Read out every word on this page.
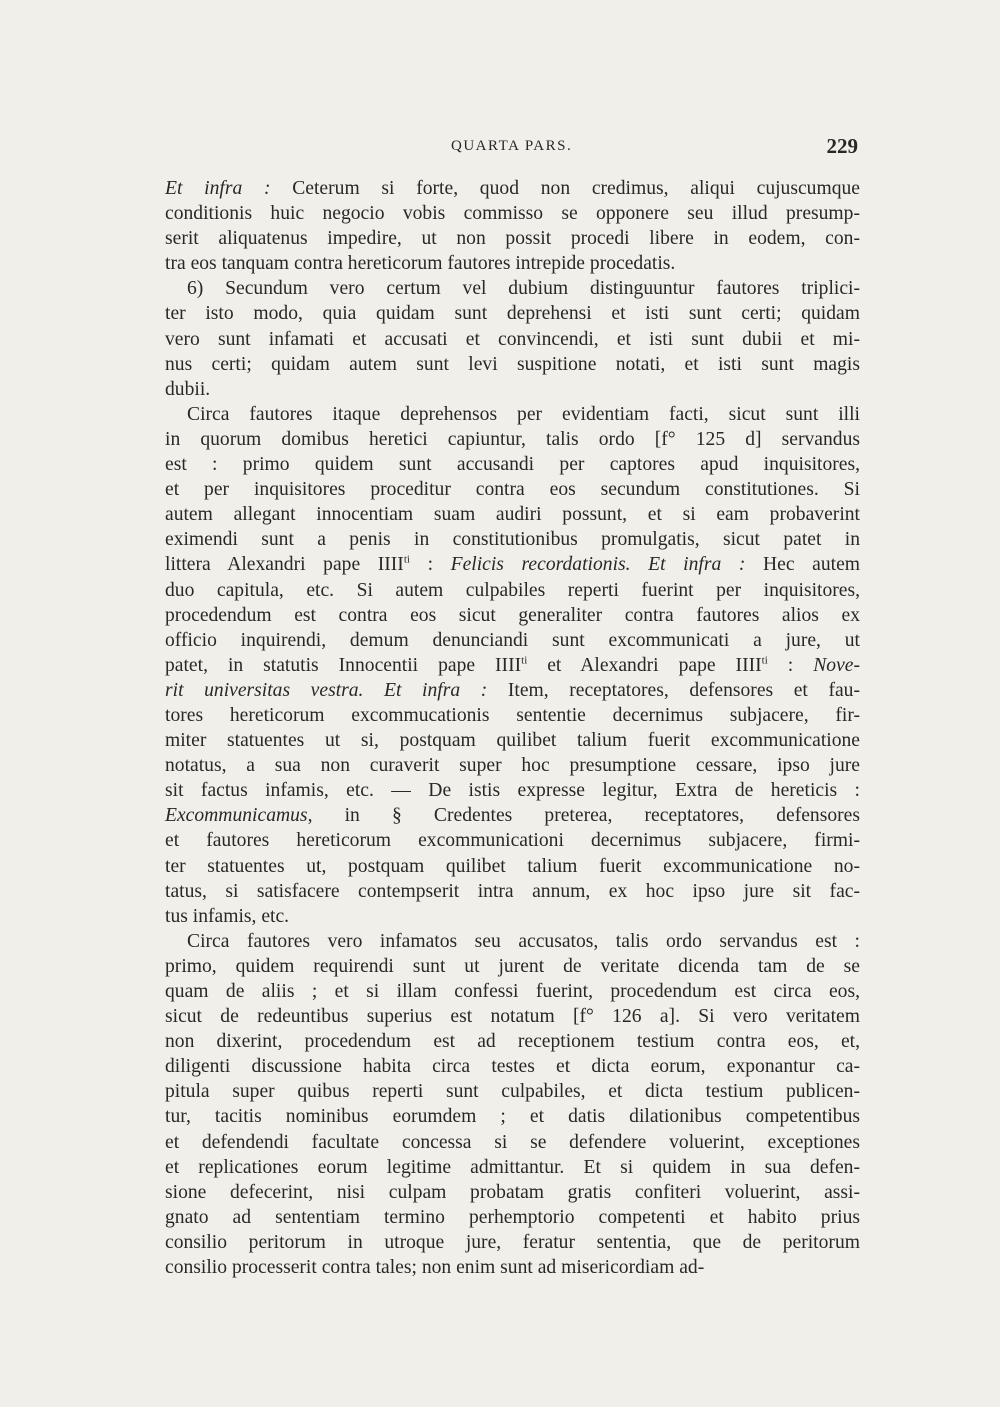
QUARTA PARS.	229
Et infra : Ceterum si forte, quod non credimus, aliqui cujuscumque
conditionis huic negocio vobis commisso se opponere seu illud presump-
serit aliquatenus impedire, ut non possit procedi libere in eodem, con-
tra eos tanquam contra hereticorum fautores intrepide procedatis.
6) Secundum vero certum vel dubium distinguuntur fautores triplici-
ter isto modo, quia quidam sunt deprehensi et isti sunt certi; quidam
vero sunt infamati et accusati et convincendi, et isti sunt dubii et mi-
nus certi; quidam autem sunt levi suspitione notati, et isti sunt magis
dubii.
Circa fautores itaque deprehensos per evidentiam facti, sicut sunt illi
in quorum domibus heretici capiuntur, talis ordo [f° 125 d] servandus
est : primo quidem sunt accusandi per captores apud inquisitores,
et per inquisitores proceditur contra eos secundum constitutiones. Si
autem allegant innocentiam suam audiri possunt, et si eam probaverint
eximendi sunt a penis in constitutionibus promulgatis, sicut patet in
littera Alexandri pape $IIII^{ti}$ : Felicis recordationis. Et infra : Hec autem
duo capitula, etc. Si autem culpabiles reperti fuerint per inquisitores,
procedendum est contra eos sicut generaliter contra fautores alios ex
officio inquirendi, demum denunciandi sunt excommunicati a jure, ut
patet, in statutis Innocentii pape $IIII^{ti}$ et Alexandri pape $IIII^{ti}$ : Nove-
rit universitas vestra. Et infra : Item, receptatores, defensores et fau-
tores hereticorum excommucationis sententie decernimus subjacere, fir-
miter statuentes ut si, postquam quilibet talium fuerit excommunicatione
notatus, a sua non curaverit super hoc presumptione cessare, ipso jure
sit factus infamis, etc. — De istis expresse legitur, Extra de hereticis :
Excommunicamus, in § Credentes preterea, receptatores, defensores
et fautores hereticorum excommunicationi decernimus subjacere, firmi-
ter statuentes ut, postquam quilibet talium fuerit excommunicatione no-
tatus, si satisfacere contempserit intra annum, ex hoc ipso jure sit fac-
tus infamis, etc.
Circa fautores vero infamatos seu accusatos, talis ordo servandus est :
primo, quidem requirendi sunt ut jurent de veritate dicenda tam de se
quam de aliis ; et si illam confessi fuerint, procedendum est circa eos,
sicut de redeuntibus superius est notatum [f° 126 a]. Si vero veritatem
non dixerint, procedendum est ad receptionem testium contra eos, et,
diligenti discussione habita circa testes et dicta eorum, exponantur ca-
pitula super quibus reperti sunt culpabiles, et dicta testium publicen-
tur, tacitis nominibus eorumdem ; et datis dilationibus competentibus
et defendendi facultate concessa si se defendere voluerint, exceptiones
et replicationes eorum legitime admittantur. Et si quidem in sua defen-
sione defecerint, nisi culpam probatam gratis confiteri voluerint, assi-
gnato ad sententiam termino perhemptorio competenti et habito prius
consilio peritorum in utroque jure, feratur sententia, que de peritorum
consilio processerit contra tales; non enim sunt ad misericordiam ad-
